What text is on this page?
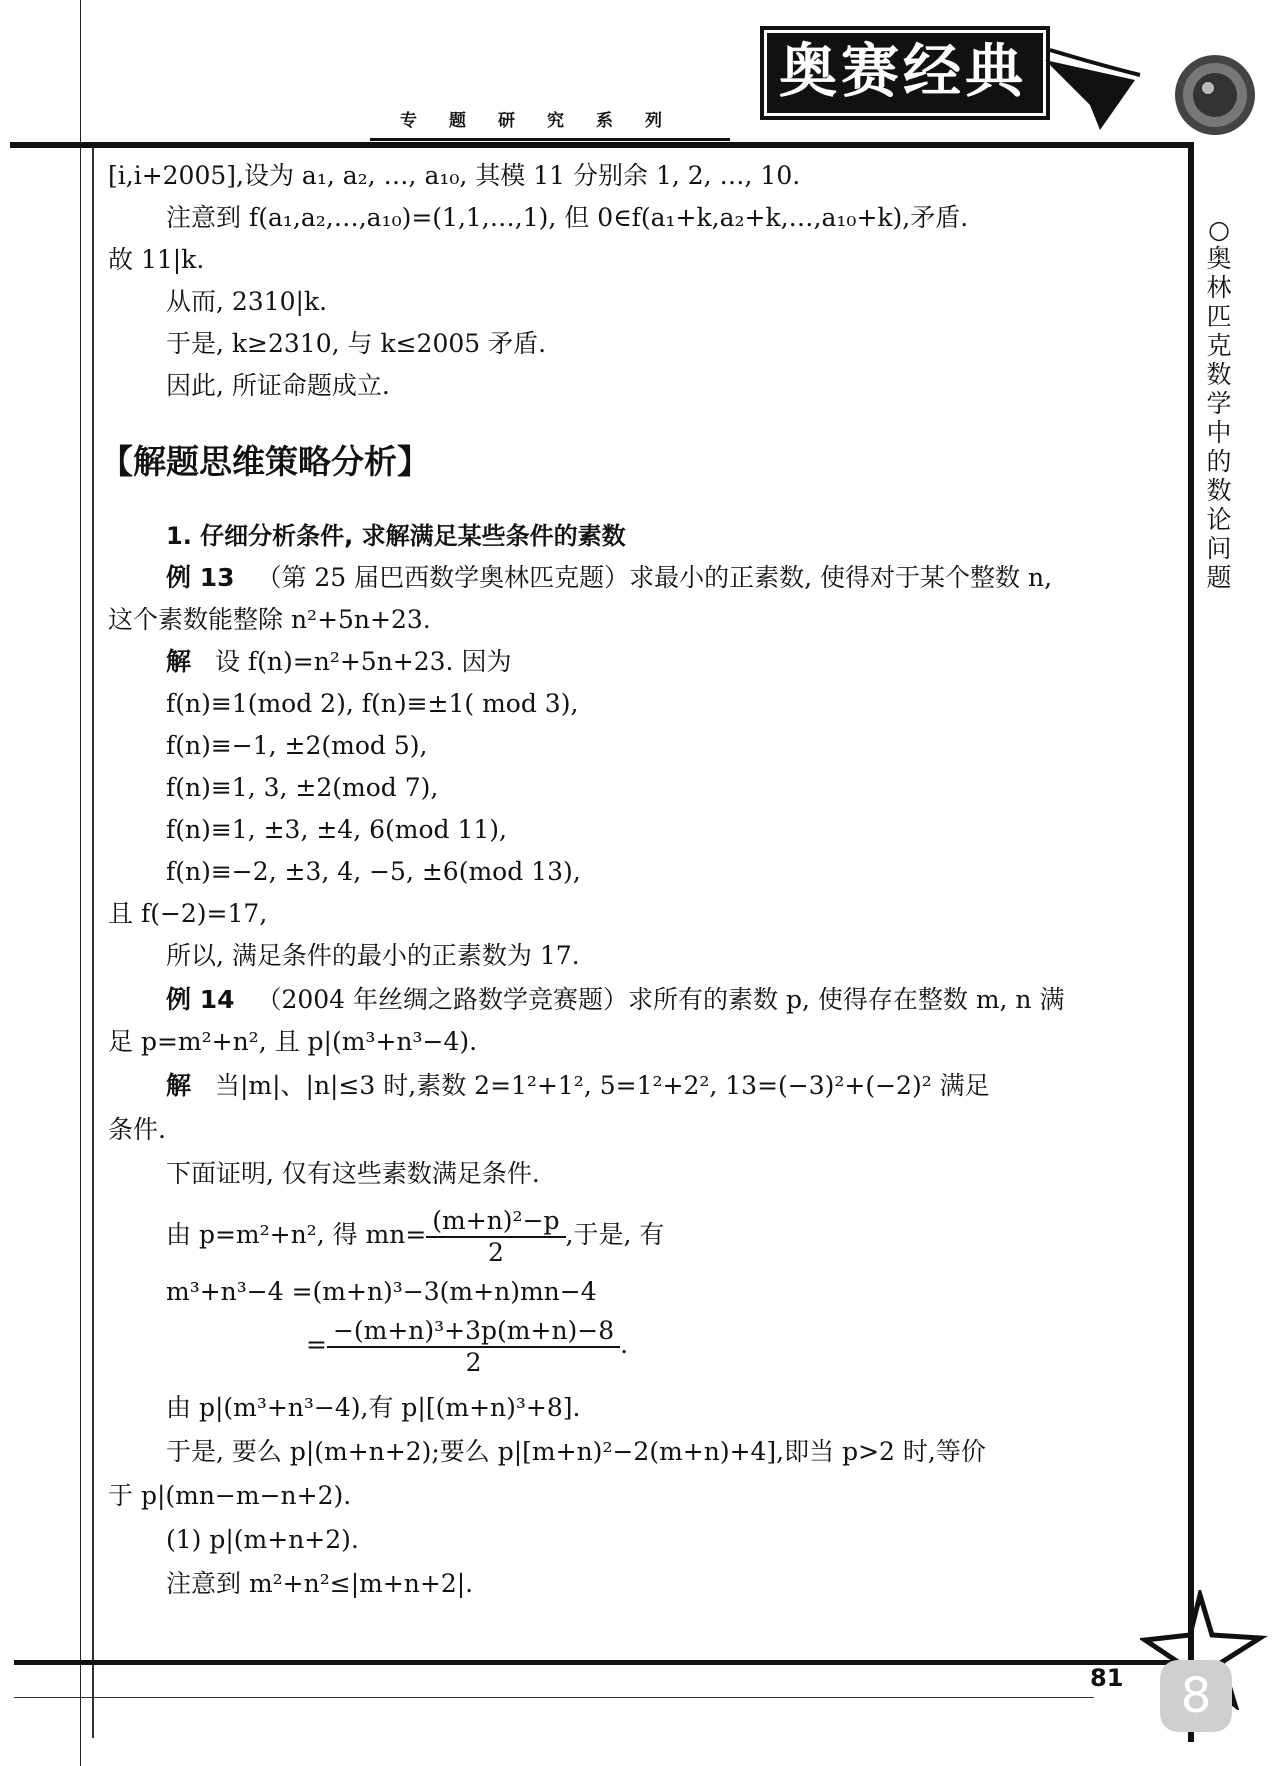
专题研究系列
奥赛经典
○
奥
林
匹
克
数
学
中
的
数
论
问
题
[i,i+2005],设为 a₁, a₂, …, a₁₀, 其模 11 分别余 1, 2, …, 10.
注意到 f(a₁,a₂,…,a₁₀)=(1,1,…,1), 但 0∈f(a₁+k,a₂+k,…,a₁₀+k),矛盾.
故 11|k.
从而, 2310|k.
于是, k≥2310, 与 k≤2005 矛盾.
因此, 所证命题成立.
【解题思维策略分析】
1. 仔细分析条件, 求解满足某些条件的素数
例 13 （第 25 届巴西数学奥林匹克题）求最小的正素数, 使得对于某个整数 n,
这个素数能整除 n²+5n+23.
解 设 f(n)=n²+5n+23. 因为
f(n)≡1(mod 2), f(n)≡±1( mod 3),
f(n)≡−1, ±2(mod 5),
f(n)≡1, 3, ±2(mod 7),
f(n)≡1, ±3, ±4, 6(mod 11),
f(n)≡−2, ±3, 4, −5, ±6(mod 13),
且 f(−2)=17,
所以, 满足条件的最小的正素数为 17.
例 14 （2004 年丝绸之路数学竞赛题）求所有的素数 p, 使得存在整数 m, n 满
足 p=m²+n², 且 p|(m³+n³−4).
解 当|m|、|n|≤3 时,素数 2=1²+1², 5=1²+2², 13=(−3)²+(−2)² 满足
条件.
下面证明, 仅有这些素数满足条件.
由 p=m²+n², 得 $mn= \frac{\text{(m+n)²−p}}{2}$ ,于是, 有
m³+n³−4 =(m+n)³−3(m+n)mn−4
= $\frac{\text{−(m+n)³+3p(m+n)−8}}{2}$ .
由 p|(m³+n³−4),有 p|[(m+n)³+8].
于是, 要么 p|(m+n+2);要么 p|[m+n)²−2(m+n)+4],即当 p>2 时,等价
于 p|(mn−m−n+2).
(1) p|(m+n+2).
注意到 m²+n²≤|m+n+2|.
81	8
